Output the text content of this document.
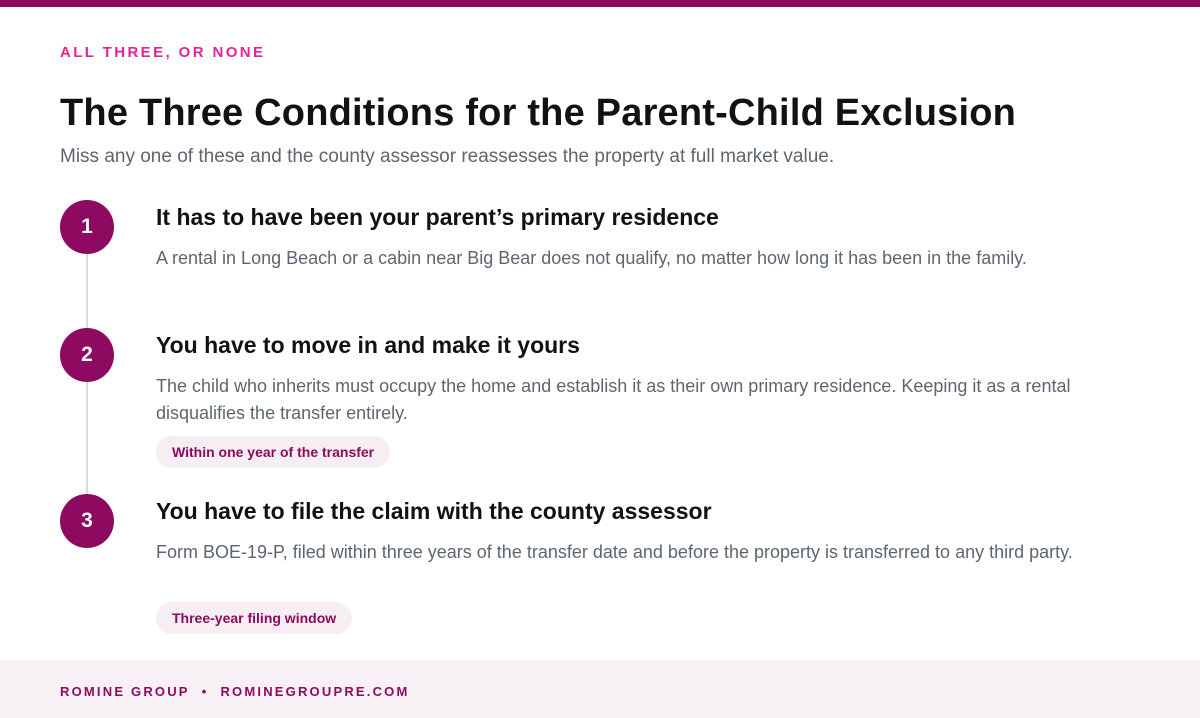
ALL THREE, OR NONE
The Three Conditions for the Parent-Child Exclusion

Miss any one of these and the county assessor reassesses the property at full market value.

1	It has to have been your parent’s primary residence

A rental in Long Beach or a cabin near Big Bear does not qualify, no matter how long it has been in the family.

2	You have to move in and make it yours

The child who inherits must occupy the home and establish it as their own primary residence. Keeping it as a rental disqualifies the transfer entirely.

Within one year of the transfer
3	You have to file the claim with the county assessor

Form BOE-19-P, filed within three years of the transfer date and before the property is transferred to any third party.

Three-year filing window
ROMINE GROUP • ROMINEGROUPRE.COM
